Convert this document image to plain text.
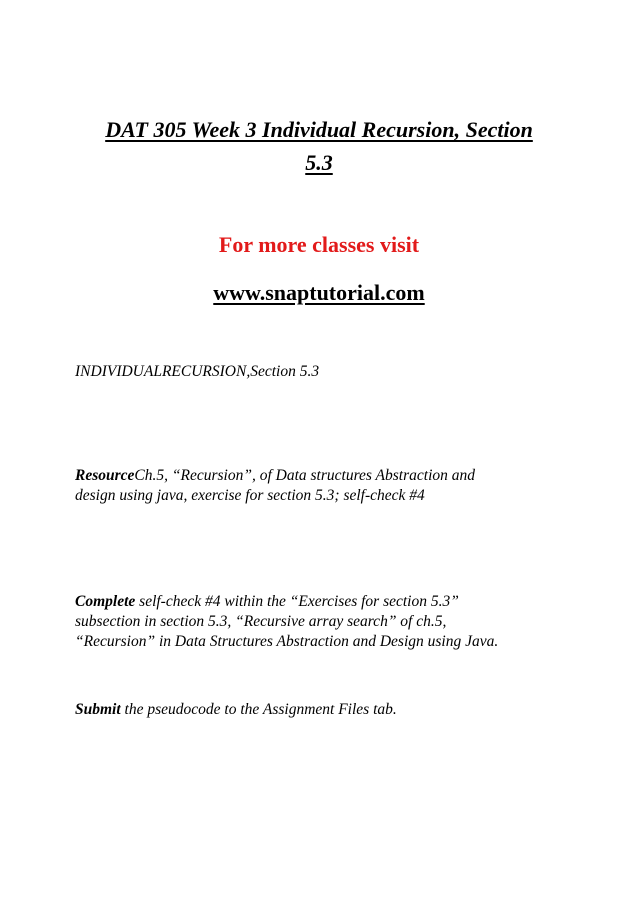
DAT 305 Week 3 Individual Recursion, Section
5.3
For more classes visit
www.snaptutorial.com
INDIVIDUALRECURSION,Section 5.3
ResourceCh.5, “Recursion”, of Data structures Abstraction and
design using java, exercise for section 5.3; self-check #4
Complete self-check #4 within the “Exercises for section 5.3”
subsection in section 5.3, “Recursive array search” of ch.5,
“Recursion” in Data Structures Abstraction and Design using Java.
Submit the pseudocode to the Assignment Files tab.
